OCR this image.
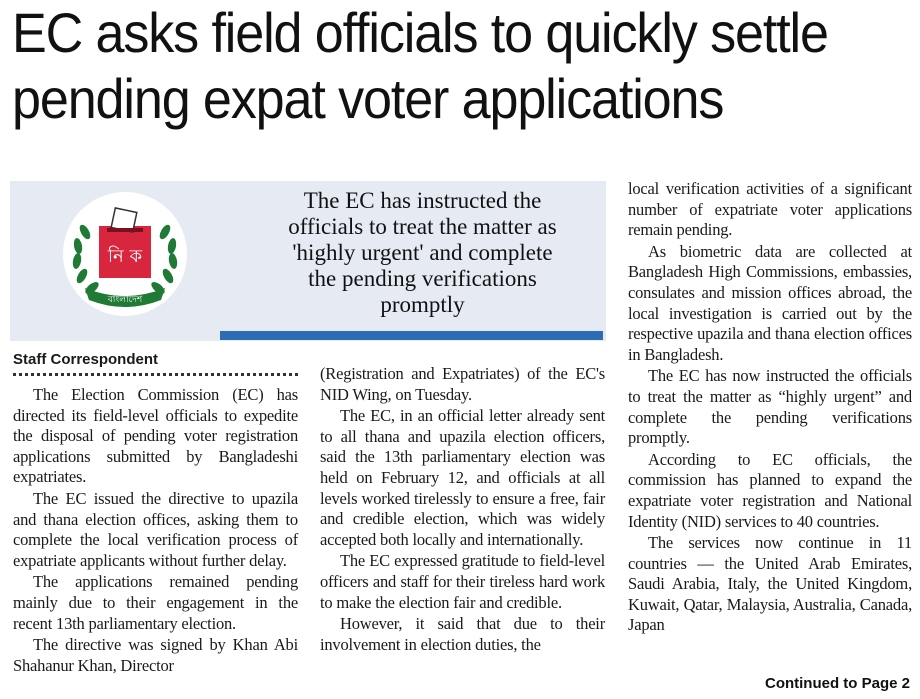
EC asks field officials to quickly settle
pending expat voter applications
নি ক
বাংলাদেশ
The EC has instructed the
officials to treat the matter as
'highly urgent' and complete
the pending verifications
promptly
Staff Correspondent

The Election Commission (EC) has directed its field-level officials to expedite the disposal of pending voter registration applications submitted by Bangladeshi expatriates.

The EC issued the directive to upazila and thana election offices, asking them to complete the local verification process of expatriate applicants without further delay.

The applications remained pending mainly due to their engagement in the recent 13th parliamentary election.

The directive was signed by Khan Abi Shahanur Khan, Director

(Registration and Expatriates) of the EC's NID Wing, on Tuesday.

The EC, in an official letter already sent to all thana and upazila election officers, said the 13th parliamentary election was held on February 12, and officials at all levels worked tirelessly to ensure a free, fair and credible election, which was widely accepted both locally and internationally.

The EC expressed gratitude to field-level officers and staff for their tireless hard work to make the election fair and credible.

However, it said that due to their involvement in election duties, the

local verification activities of a significant number of expatriate voter applications remain pending.

As biometric data are collected at Bangladesh High Commissions, embassies, consulates and mission offices abroad, the local investigation is carried out by the respective upazila and thana election offices in Bangladesh.

The EC has now instructed the officials to treat the matter as “highly urgent” and complete the pending verifications promptly.

According to EC officials, the commission has planned to expand the expatriate voter registration and National Identity (NID) services to 40 countries.

The services now continue in 11 countries — the United Arab Emirates, Saudi Arabia, Italy, the United Kingdom, Kuwait, Qatar, Malaysia, Australia, Canada, Japan

Continued to Page 2
